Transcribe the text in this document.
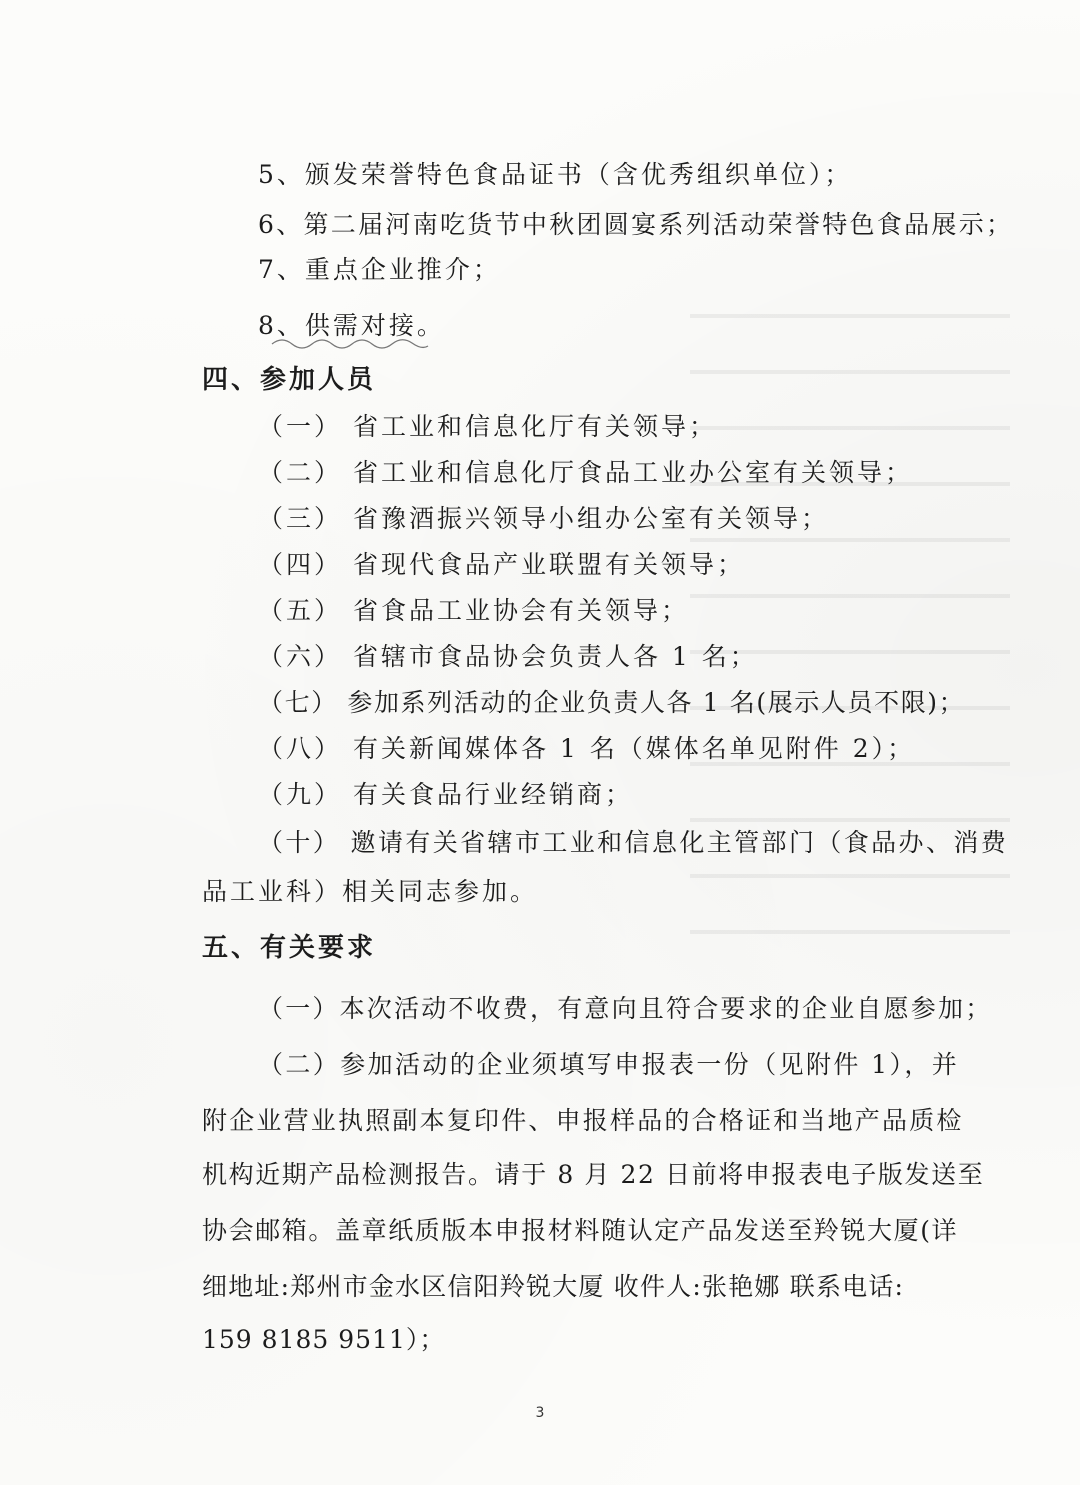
5、颁发荣誉特色食品证书（含优秀组织单位）；
6、第二届河南吃货节中秋团圆宴系列活动荣誉特色食品展示；
7、重点企业推介；
8、供需对接。
四、参加人员
（一） 省工业和信息化厅有关领导；
（二） 省工业和信息化厅食品工业办公室有关领导；
（三） 省豫酒振兴领导小组办公室有关领导；
（四） 省现代食品产业联盟有关领导；
（五） 省食品工业协会有关领导；
（六） 省辖市食品协会负责人各 1 名；
（七） 参加系列活动的企业负责人各 1 名(展示人员不限)；
（八） 有关新闻媒体各 1 名（媒体名单见附件 2）；
（九） 有关食品行业经销商；
（十） 邀请有关省辖市工业和信息化主管部门（食品办、消费
品工业科）相关同志参加。
五、有关要求
（一）本次活动不收费，有意向且符合要求的企业自愿参加；
（二）参加活动的企业须填写申报表一份（见附件 1），并
附企业营业执照副本复印件、申报样品的合格证和当地产品质检
机构近期产品检测报告。请于 8 月 22 日前将申报表电子版发送至
协会邮箱。盖章纸质版本申报材料随认定产品发送至羚锐大厦(详
细地址:郑州市金水区信阳羚锐大厦 收件人:张艳娜 联系电话:
159 8185 9511）；
3
